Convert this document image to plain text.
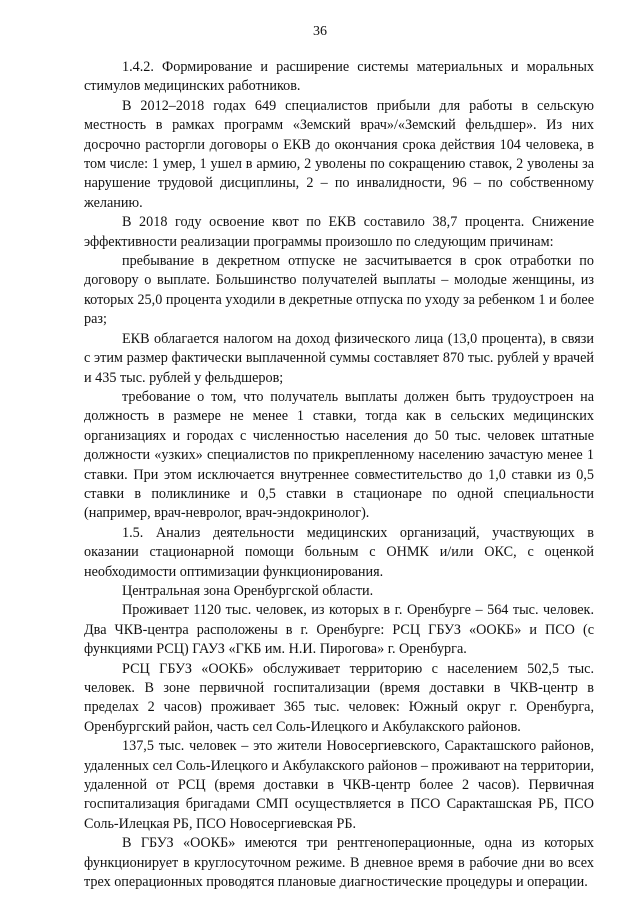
36

1.4.2. Формирование и расширение системы материальных и моральных стимулов медицинских работников.

В 2012–2018 годах 649 специалистов прибыли для работы в сельскую местность в рамках программ «Земский врач»/«Земский фельдшер». Из них досрочно расторгли договоры о ЕКВ до окончания срока действия 104 человека, в том числе: 1 умер, 1 ушел в армию, 2 уволены по сокращению ставок, 2 уволены за нарушение трудовой дисциплины, 2 – по инвалидности, 96 – по собственному желанию.

В 2018 году освоение квот по ЕКВ составило 38,7 процента. Снижение эффективности реализации программы произошло по следующим причинам:

пребывание в декретном отпуске не засчитывается в срок отработки по договору о выплате. Большинство получателей выплаты – молодые женщины, из которых 25,0 процента уходили в декретные отпуска по уходу за ребенком 1 и более раз;

ЕКВ облагается налогом на доход физического лица (13,0 процента), в связи с этим размер фактически выплаченной суммы составляет 870 тыс. рублей у врачей и 435 тыс. рублей у фельдшеров;

требование о том, что получатель выплаты должен быть трудоустроен на должность в размере не менее 1 ставки, тогда как в сельских медицинских организациях и городах с численностью населения до 50 тыс. человек штатные должности «узких» специалистов по прикрепленному населению зачастую менее 1 ставки. При этом исключается внутреннее совместительство до 1,0 ставки из 0,5 ставки в поликлинике и 0,5 ставки в стационаре по одной специальности (например, врач-невролог, врач-эндокринолог).

1.5. Анализ деятельности медицинских организаций, участвующих в оказании стационарной помощи больным с ОНМК и/или ОКС, с оценкой необходимости оптимизации функционирования.

Центральная зона Оренбургской области.

Проживает 1120 тыс. человек, из которых в г. Оренбурге – 564 тыс. человек. Два ЧКВ-центра расположены в г. Оренбурге: РСЦ ГБУЗ «ООКБ» и ПСО (с функциями РСЦ) ГАУЗ «ГКБ им. Н.И. Пирогова» г. Оренбурга.

РСЦ ГБУЗ «ООКБ» обслуживает территорию с населением 502,5 тыс. человек. В зоне первичной госпитализации (время доставки в ЧКВ-центр в пределах 2 часов) проживает 365 тыс. человек: Южный округ г. Оренбурга, Оренбургский район, часть сел Соль-Илецкого и Акбулакского районов.

137,5 тыс. человек – это жители Новосергиевского, Саракташского районов, удаленных сел Соль-Илецкого и Акбулакского районов – проживают на территории, удаленной от РСЦ (время доставки в ЧКВ-центр более 2 часов). Первичная госпитализация бригадами СМП осуществляется в ПСО Саракташская РБ, ПСО Соль-Илецкая РБ, ПСО Новосергиевская РБ.

В ГБУЗ «ООКБ» имеются три рентгеноперационные, одна из которых функционирует в круглосуточном режиме. В дневное время в рабочие дни во всех трех операционных проводятся плановые диагностические процедуры и операции.
